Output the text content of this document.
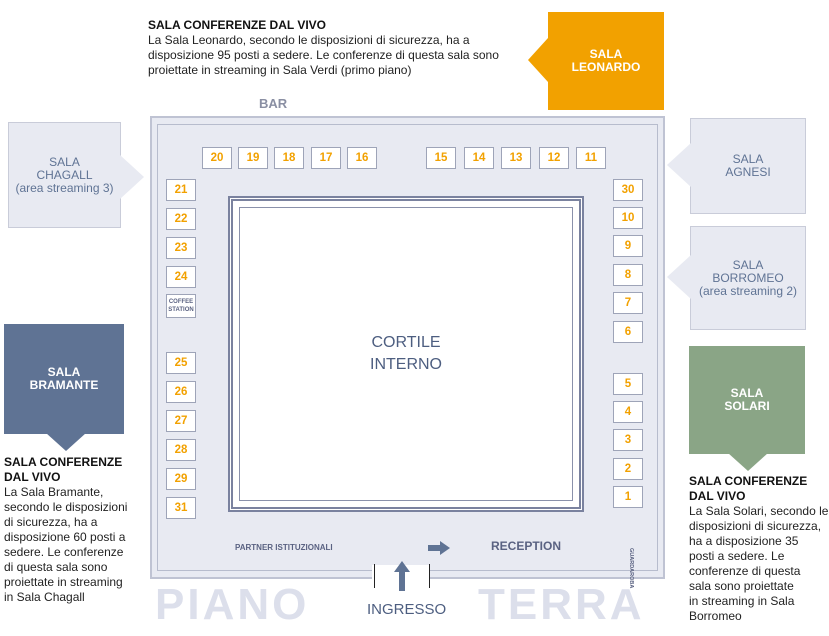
SALA CONFERENZE DAL VIVO
La Sala Leonardo, secondo le disposizioni di sicurezza, ha a
disposizione 95 posti a sedere. Le conferenze di questa sala sono
proiettate in streaming in Sala Verdi (primo piano)
SALA
LEONARDO
BAR
CORTILE
INTERNO
20	19	18	17	16	15	14	13	12	11
21
22
23
24
COFFEE
STATION
25
26
27
28
29
31
30
10
9
8
7
6
5
4
3
2
1
GUARDAROBA
PARTNER ISTITUZIONALI	RECEPTION
PIANO	TERRA
INGRESSO
SALA
CHAGALL
(area streaming 3)
SALA
AGNESI
SALA
BORROMEO
(area streaming 2)
SALA
BRAMANTE
SALA CONFERENZE
DAL VIVO
La Sala Bramante,
secondo le disposizioni
di sicurezza, ha a
disposizione 60 posti a
sedere. Le conferenze
di questa sala sono
proiettate in streaming
in Sala Chagall
SALA
SOLARI
SALA CONFERENZE
DAL VIVO
La Sala Solari, secondo le
disposizioni di sicurezza,
ha a disposizione 35
posti a sedere. Le
conferenze di questa
sala sono proiettate
in streaming in Sala
Borromeo
